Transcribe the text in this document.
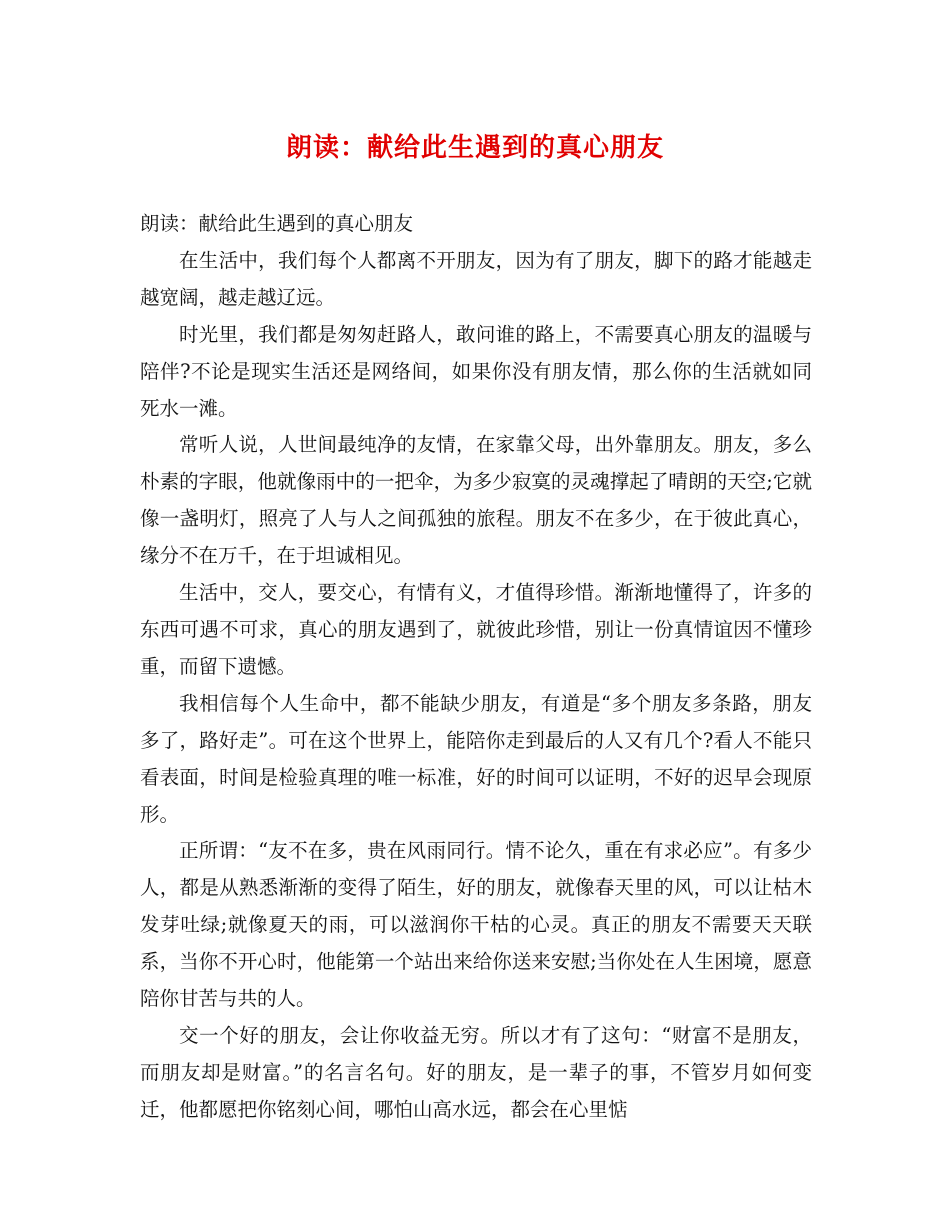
朗读：献给此生遇到的真心朋友

朗读：献给此生遇到的真心朋友

在生活中，我们每个人都离不开朋友，因为有了朋友，脚下的路才能越走越宽阔，越走越辽远。

时光里，我们都是匆匆赶路人，敢问谁的路上，不需要真心朋友的温暖与陪伴?不论是现实生活还是网络间，如果你没有朋友情，那么你的生活就如同死水一滩。

常听人说，人世间最纯净的友情，在家靠父母，出外靠朋友。朋友，多么朴素的字眼，他就像雨中的一把伞，为多少寂寞的灵魂撑起了晴朗的天空;它就像一盏明灯，照亮了人与人之间孤独的旅程。朋友不在多少，在于彼此真心，缘分不在万千，在于坦诚相见。

生活中，交人，要交心，有情有义，才值得珍惜。渐渐地懂得了，许多的东西可遇不可求，真心的朋友遇到了，就彼此珍惜，别让一份真情谊因不懂珍重，而留下遗憾。

我相信每个人生命中，都不能缺少朋友，有道是“多个朋友多条路，朋友多了，路好走”。可在这个世界上，能陪你走到最后的人又有几个?看人不能只看表面，时间是检验真理的唯一标准，好的时间可以证明，不好的迟早会现原形。

正所谓：“友不在多，贵在风雨同行。情不论久，重在有求必应”。有多少人，都是从熟悉渐渐的变得了陌生，好的朋友，就像春天里的风，可以让枯木发芽吐绿;就像夏天的雨，可以滋润你干枯的心灵。真正的朋友不需要天天联系，当你不开心时，他能第一个站出来给你送来安慰;当你处在人生困境，愿意陪你甘苦与共的人。

交一个好的朋友，会让你收益无穷。所以才有了这句：“财富不是朋友，而朋友却是财富。”的名言名句。好的朋友，是一辈子的事，不管岁月如何变迁，他都愿把你铭刻心间，哪怕山高水远，都会在心里惦
